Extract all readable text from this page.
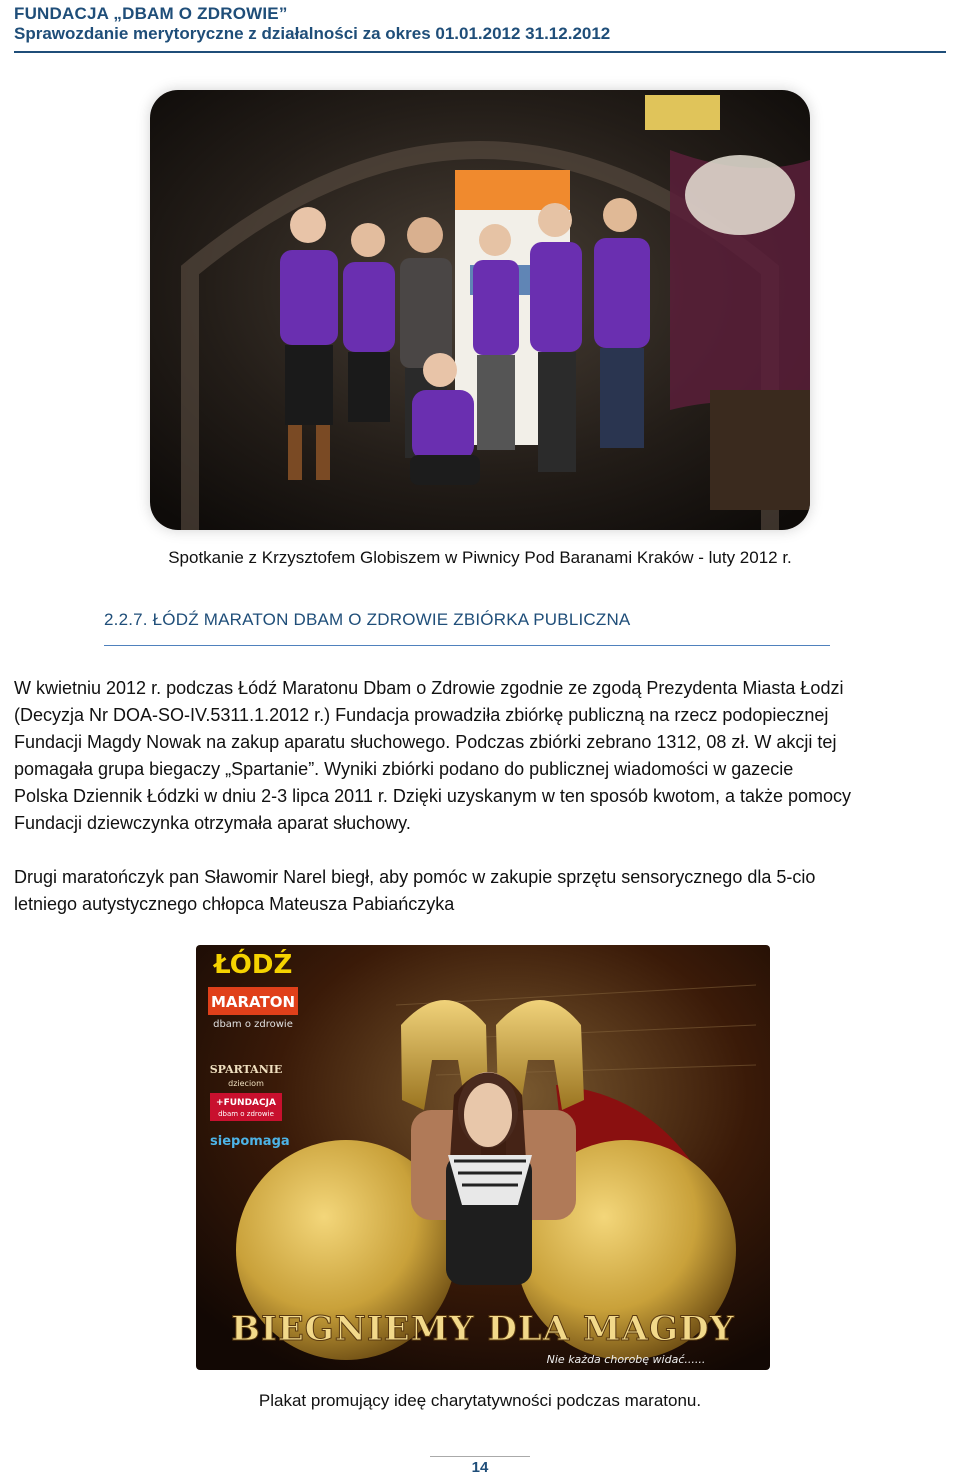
FUNDACJA „DBAM O ZDROWIE”
Sprawozdanie merytoryczne z działalności za okres 01.01.2012 31.12.2012
Spotkanie z Krzysztofem Globiszem w Piwnicy Pod Baranami Kraków - luty 2012 r.
2.2.7. ŁÓDŹ MARATON DBAM O ZDROWIE ZBIÓRKA PUBLICZNA
W kwietniu 2012 r. podczas Łódź Maratonu Dbam o Zdrowie zgodnie ze zgodą Prezydenta Miasta Łodzi
(Decyzja Nr DOA-SO-IV.5311.1.2012 r.) Fundacja prowadziła zbiórkę publiczną na rzecz podopiecznej
Fundacji Magdy Nowak na zakup aparatu słuchowego. Podczas zbiórki zebrano 1312, 08 zł. W akcji tej
pomagała grupa biegaczy „Spartanie”. Wyniki zbiórki podano do publicznej wiadomości w gazecie
Polska Dziennik Łódzki w dniu 2-3 lipca 2011 r. Dzięki uzyskanym w ten sposób kwotom, a także pomocy
Fundacji dziewczynka otrzymała aparat słuchowy.
Drugi maratończyk pan Sławomir Narel biegł, aby pomóc w zakupie sprzętu sensorycznego dla 5-cio
letniego autystycznego chłopca Mateusza Pabiańczyka
ŁÓDŹ
MARATON
dbam o zdrowie
SPARTANIE
dzieciom
+FUNDACJA
dbam o zdrowie
siepomaga
BIEGNIEMY DLA MAGDY
Nie każda chorobę widać......
Plakat promujący ideę charytatywności podczas maratonu.
14
